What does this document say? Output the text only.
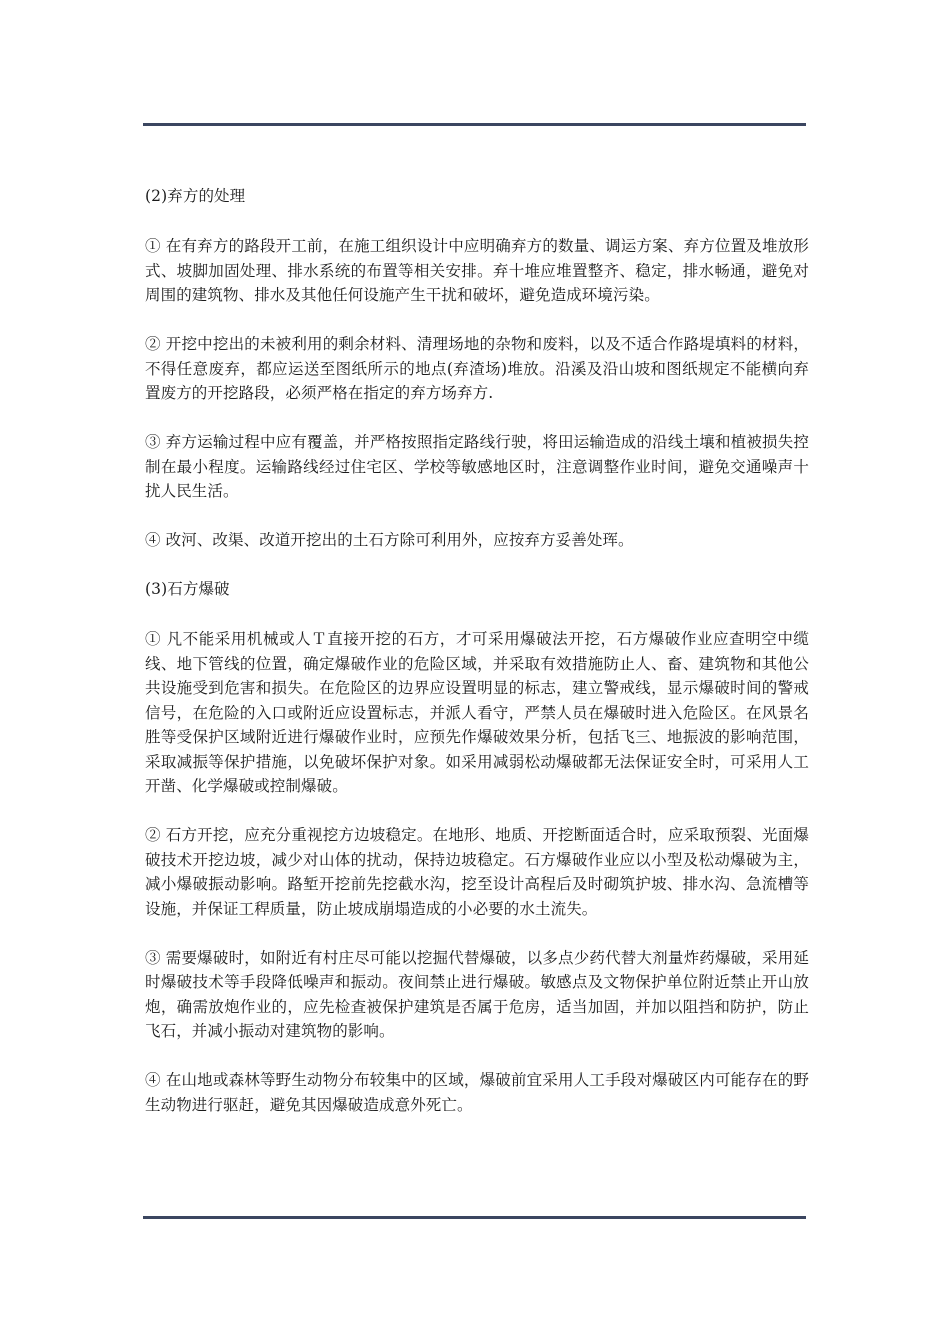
(2)弃方的处理

① 在有弃方的路段开工前，在施工组织设计中应明确弃方的数量、调运方案、弃方位置及堆放形式、坡脚加固处理、排水系统的布置等相关安排。弃十堆应堆置整齐、稳定，排水畅通，避免对周围的建筑物、排水及其他任何设施产生干扰和破坏，避免造成环境污染。

② 开挖中挖出的未被利用的剩余材料、清理场地的杂物和废料，以及不适合作路堤填料的材料，不得任意废弃，都应运送至图纸所示的地点(弃渣场)堆放。沿溪及沿山坡和图纸规定不能横向弃置废方的开挖路段，必须严格在指定的弃方场弃方.

③ 弃方运输过程中应有覆盖，并严格按照指定路线行驶，将田运输造成的沿线土壤和植被损失控制在最小程度。运输路线经过住宅区、学校等敏感地区时，注意调整作业时间，避免交通噪声十扰人民生活。

④ 改河、改渠、改道开挖出的土石方除可利用外，应按弃方妥善处珲。

(3)石方爆破

① 凡不能采用机械或人Ｔ直接开挖的石方，才可采用爆破法开挖，石方爆破作业应查明空中缆线、地下管线的位置，确定爆破作业的危险区域，并采取有效措施防止人、畜、建筑物和其他公共设施受到危害和损失。在危险区的边界应设置明显的标志，建立警戒线，显示爆破时间的警戒信号，在危险的入口或附近应设置标志，并派人看守，严禁人员在爆破时进入危险区。在风景名胜等受保护区域附近进行爆破作业时，应预先作爆破效果分析，包括飞三、地振波的影响范围，采取减振等保护措施，以免破坏保护对象。如采用减弱松动爆破都无法保证安全时，可采用人工开凿、化学爆破或控制爆破。

② 石方开挖，应充分重视挖方边坡稳定。在地形、地质、开挖断面适合时，应采取预裂、光面爆破技术开挖边坡，减少对山体的扰动，保持边坡稳定。石方爆破作业应以小型及松动爆破为主，减小爆破振动影响。路堑开挖前先挖截水沟，挖至设计高程后及时砌筑护坡、排水沟、急流槽等设施，并保证工稈质量，防止坡成崩塌造成的小必要的水土流失。

③ 需要爆破时，如附近有村庄尽可能以挖掘代替爆破，以多点少药代替大剂量炸药爆破，采用延时爆破技术等手段降低噪声和振动。夜间禁止进行爆破。敏感点及文物保护单位附近禁止开山放炮，确需放炮作业的，应先检查被保护建筑是否属于危房，适当加固，并加以阻挡和防护，防止飞石，并减小振动对建筑物的影响。

④ 在山地或森林等野生动物分布较集中的区域，爆破前宜采用人工手段对爆破区内可能存在的野生动物进行驱赶，避免其因爆破造成意外死亡。
